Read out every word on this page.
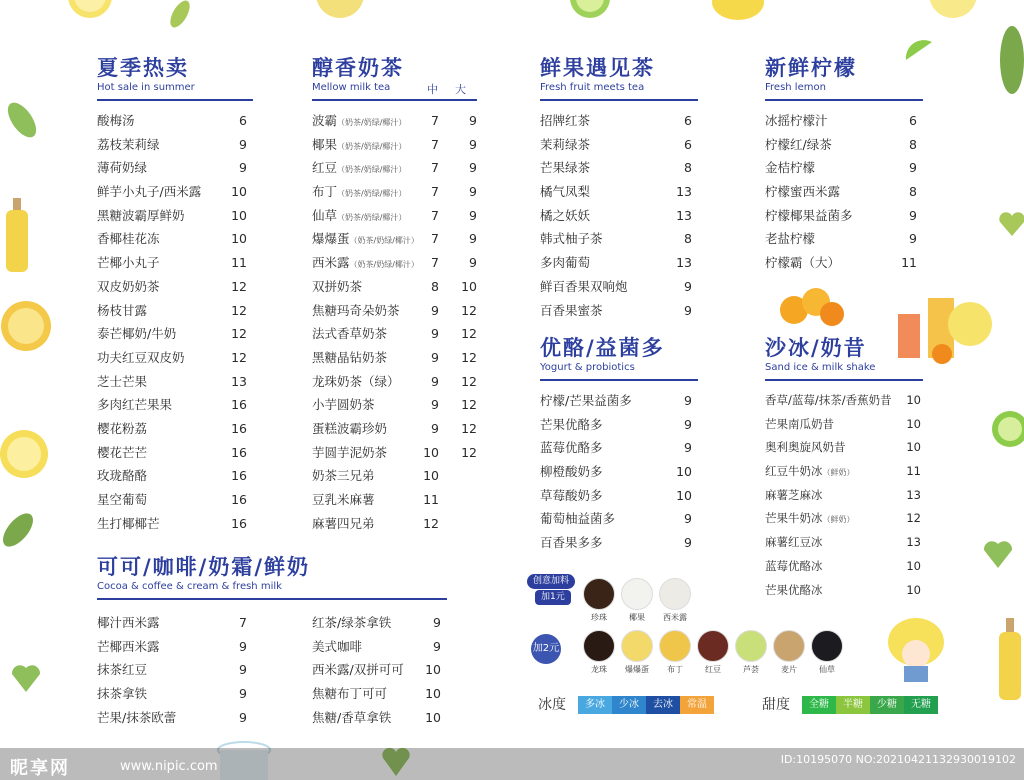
夏季热卖
Hot sale in summer
酸梅汤	6
荔枝茉莉绿	9
薄荷奶绿	9
鲜芋小丸子/西米露	10
黑糖波霸厚鲜奶	10
香椰桂花冻	10
芒椰小丸子	11
双皮奶奶茶	12
杨枝甘露	12
泰芒椰奶/牛奶	12
功夫红豆双皮奶	12
芝士芒果	13
多肉红芒果果	16
樱花粉荔	16
樱花芒芒	16
玫珑酪酪	16
星空葡萄	16
生打椰椰芒	16
醇香奶茶
Mellow milk tea	中 大
波霸（奶茶/奶绿/椰汁）	7	9
椰果（奶茶/奶绿/椰汁）	7	9
红豆（奶茶/奶绿/椰汁）	7	9
布丁（奶茶/奶绿/椰汁）	7	9
仙草（奶茶/奶绿/椰汁）	7	9
爆爆蛋（奶茶/奶绿/椰汁） 7	9
西米露（奶茶/奶绿/椰汁） 7	9
双拼奶茶	8	10
焦糖玛奇朵奶茶	9	12
法式香草奶茶	9	12
黑糖晶钻奶茶	9	12
龙珠奶茶（绿）	9	12
小芋圆奶茶	9	12
蛋糕波霸珍奶	9	12
芋圆芋泥奶茶	10	12
奶茶三兄弟	10
豆乳米麻薯	11
麻薯四兄弟	12
鲜果遇见茶
Fresh fruit meets tea
招牌红茶	6
茉莉绿茶	6
芒果绿茶	8
橘气凤梨	13
橘之妖妖	13
韩式柚子茶	8
多肉葡萄	13
鲜百香果双响炮	9
百香果蜜茶	9
新鲜柠檬
Fresh lemon
冰摇柠檬汁	6
柠檬红/绿茶	8
金桔柠檬	9
柠檬蜜西米露	8
柠檬椰果益菌多	9
老盐柠檬	9
柠檬霸（大）	11
优酪/益菌多
Yogurt & probiotics
柠檬/芒果益菌多	9
芒果优酪多	9
蓝莓优酪多	9
柳橙酸奶多	10
草莓酸奶多	10
葡萄柚益菌多	9
百香果多多	9
沙冰/奶昔
Sand ice & milk shake
香草/蓝莓/抹茶/香蕉奶昔	10
芒果南瓜奶昔	10
奥利奥旋风奶昔	10
红豆牛奶冰（鲜奶）	11
麻薯芝麻冰	13
芒果牛奶冰（鲜奶）	12
麻薯红豆冰	13
蓝莓优酪冰	10
芒果优酪冰	10
可可/咖啡/奶霜/鲜奶
Cocoa & coffee & cream & fresh milk
椰汁西米露	7
芒椰西米露	9
抹茶红豆	9
抹茶拿铁	9
芒果/抹茶欧蕾	9
红茶/绿茶拿铁	9
美式咖啡	9
西米露/双拼可可	10
焦糖布丁可可	10
焦糖/香草拿铁	10
创意加料
加1元
珍珠	椰果	西米露
加2元
龙珠	爆爆蛋	布丁	红豆	芦荟	麦片	仙草
冰度	多冰	少冰	去冰	常温	甜度	全糖	半糖	少糖	无糖
昵享网	www.nipic.com	ID:10195070 NO:20210421132930019102
